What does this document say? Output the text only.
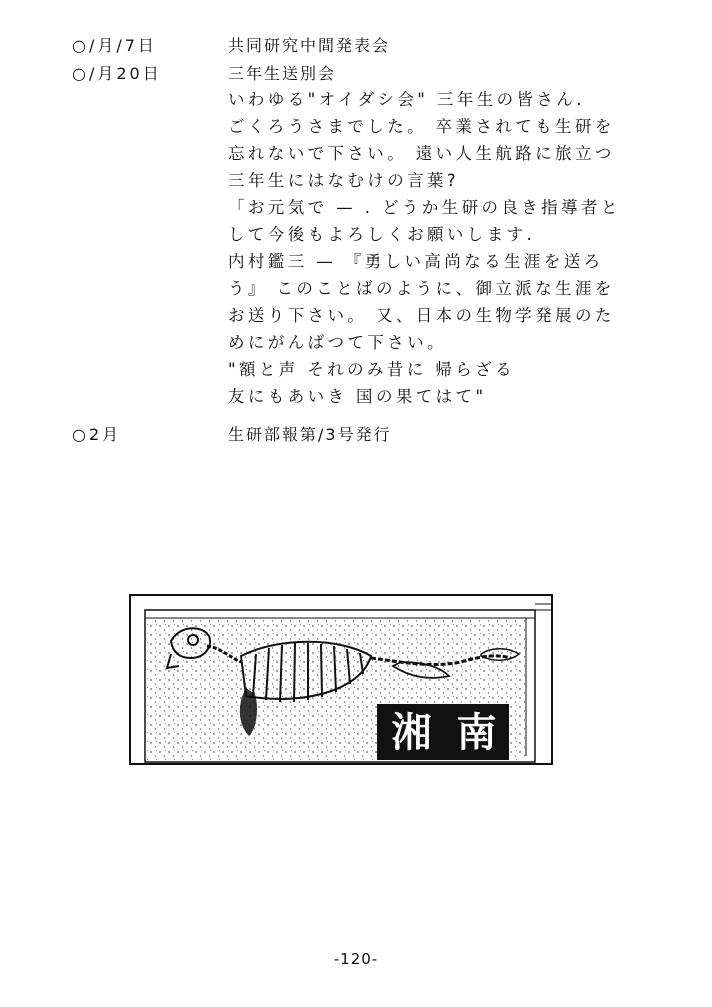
○/月/7日	共同研究中間発表会
○/月20日	三年生送別会
いわゆる"オイダシ会" 三年生の皆さん.
ごくろうさまでした。 卒業されても生研を
忘れないで下さい。 遠い人生航路に旅立つ
三年生にはなむけの言葉?
「お元気で — . どうか生研の良き指導者と
して今後もよろしくお願いします.
内村鑑三 — 『勇しい高尚なる生涯を送ろ
う』 このことばのように、御立派な生涯を
お送り下さい。 又、日本の生物学発展のた
めにがんばつて下さい。
"額と声 それのみ昔に 帰らざる
友にもあいき 国の果てはて"
○2月	生研部報第/3号発行
湘 南
-120-
